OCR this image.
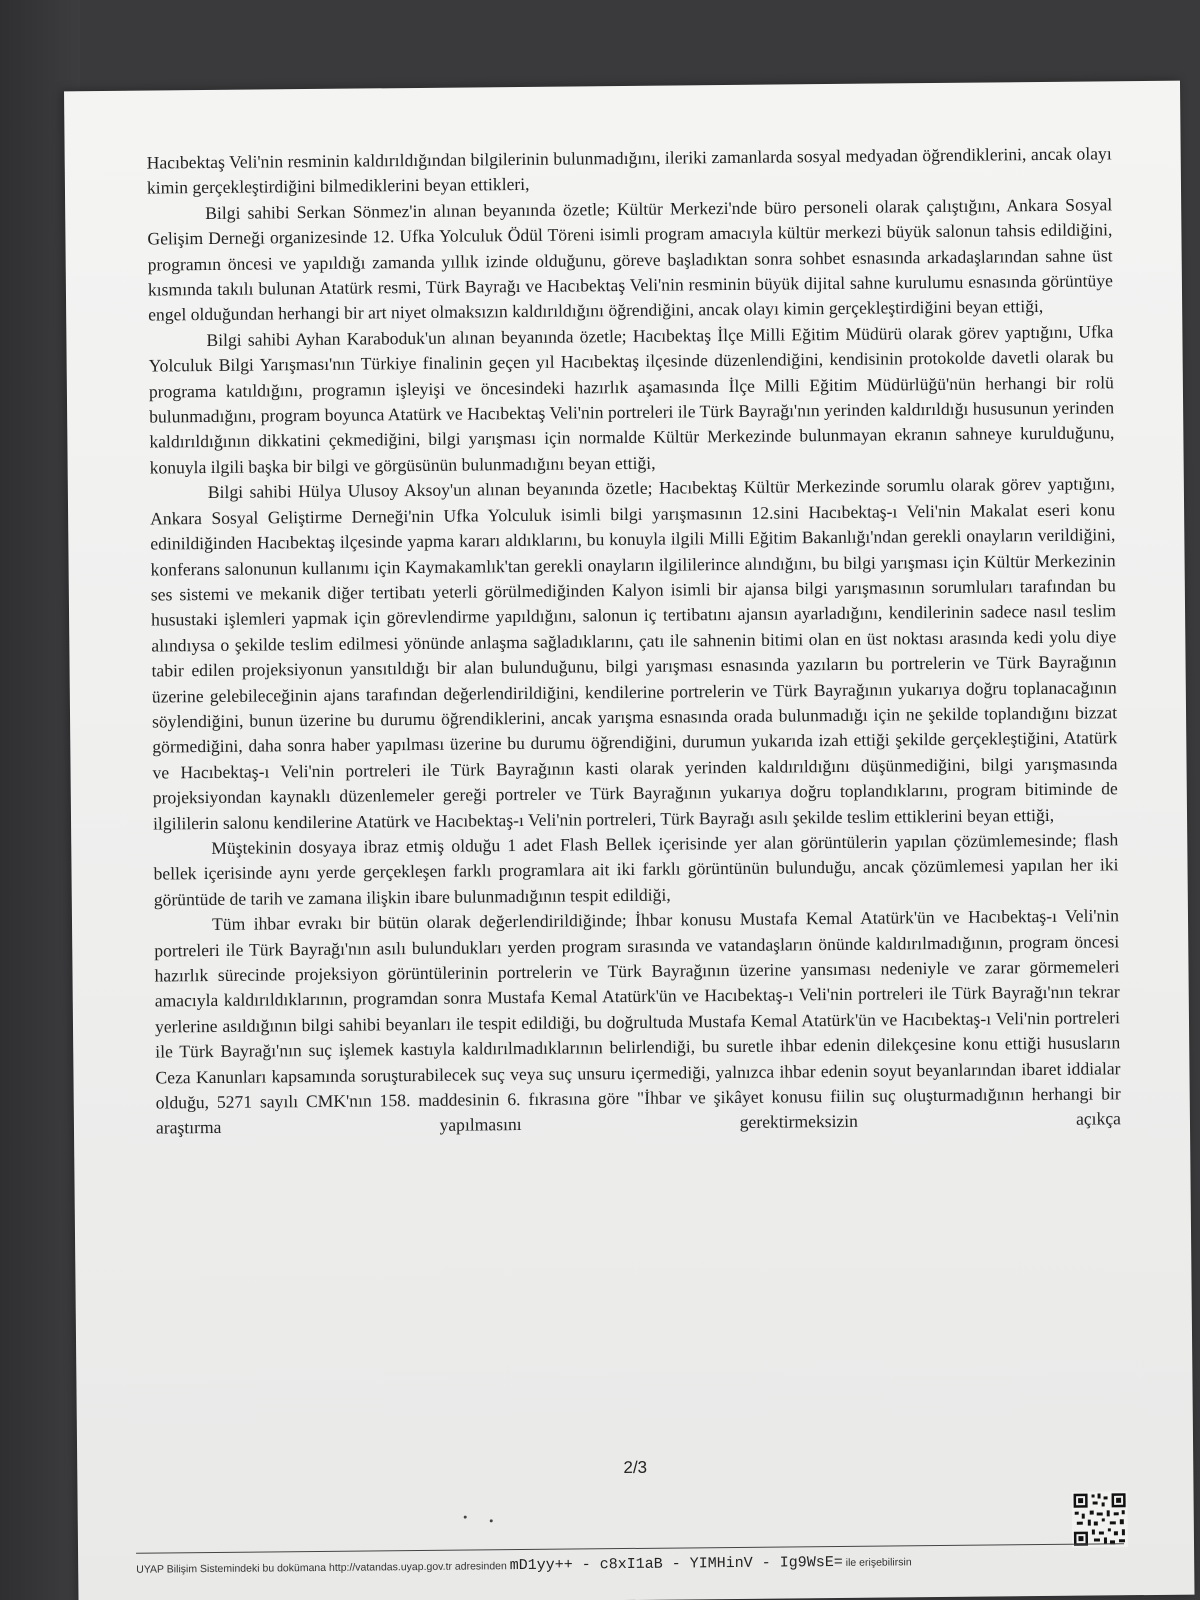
Hacıbektaş Veli'nin resminin kaldırıldığından bilgilerinin bulunmadığını, ileriki zamanlarda sosyal medyadan öğrendiklerini, ancak olayı kimin gerçekleştirdiğini bilmediklerini beyan ettikleri,

Bilgi sahibi Serkan Sönmez'in alınan beyanında özetle; Kültür Merkezi'nde büro personeli olarak çalıştığını, Ankara Sosyal Gelişim Derneği organizesinde 12. Ufka Yolculuk Ödül Töreni isimli program amacıyla kültür merkezi büyük salonun tahsis edildiğini, programın öncesi ve yapıldığı zamanda yıllık izinde olduğunu, göreve başladıktan sonra sohbet esnasında arkadaşlarından sahne üst kısmında takılı bulunan Atatürk resmi, Türk Bayrağı ve Hacıbektaş Veli'nin resminin büyük dijital sahne kurulumu esnasında görüntüye engel olduğundan herhangi bir art niyet olmaksızın kaldırıldığını öğrendiğini, ancak olayı kimin gerçekleştirdiğini beyan ettiği,

Bilgi sahibi Ayhan Karaboduk'un alınan beyanında özetle; Hacıbektaş İlçe Milli Eğitim Müdürü olarak görev yaptığını, Ufka Yolculuk Bilgi Yarışması'nın Türkiye finalinin geçen yıl Hacıbektaş ilçesinde düzenlendiğini, kendisinin protokolde davetli olarak bu programa katıldığını, programın işleyişi ve öncesindeki hazırlık aşamasında İlçe Milli Eğitim Müdürlüğü'nün herhangi bir rolü bulunmadığını, program boyunca Atatürk ve Hacıbektaş Veli'nin portreleri ile Türk Bayrağı'nın yerinden kaldırıldığı hususunun yerinden kaldırıldığının dikkatini çekmediğini, bilgi yarışması için normalde Kültür Merkezinde bulunmayan ekranın sahneye kurulduğunu, konuyla ilgili başka bir bilgi ve görgüsünün bulunmadığını beyan ettiği,

Bilgi sahibi Hülya Ulusoy Aksoy'un alınan beyanında özetle; Hacıbektaş Kültür Merkezinde sorumlu olarak görev yaptığını, Ankara Sosyal Geliştirme Derneği'nin Ufka Yolculuk isimli bilgi yarışmasının 12.sini Hacıbektaş-ı Veli'nin Makalat eseri konu edinildiğinden Hacıbektaş ilçesinde yapma kararı aldıklarını, bu konuyla ilgili Milli Eğitim Bakanlığı'ndan gerekli onayların verildiğini, konferans salonunun kullanımı için Kaymakamlık'tan gerekli onayların ilgililerince alındığını, bu bilgi yarışması için Kültür Merkezinin ses sistemi ve mekanik diğer tertibatı yeterli görülmediğinden Kalyon isimli bir ajansa bilgi yarışmasının sorumluları tarafından bu husustaki işlemleri yapmak için görevlendirme yapıldığını, salonun iç tertibatını ajansın ayarladığını, kendilerinin sadece nasıl teslim alındıysa o şekilde teslim edilmesi yönünde anlaşma sağladıklarını, çatı ile sahnenin bitimi olan en üst noktası arasında kedi yolu diye tabir edilen projeksiyonun yansıtıldığı bir alan bulunduğunu, bilgi yarışması esnasında yazıların bu portrelerin ve Türk Bayrağının üzerine gelebileceğinin ajans tarafından değerlendirildiğini, kendilerine portrelerin ve Türk Bayrağının yukarıya doğru toplanacağının söylendiğini, bunun üzerine bu durumu öğrendiklerini, ancak yarışma esnasında orada bulunmadığı için ne şekilde toplandığını bizzat görmediğini, daha sonra haber yapılması üzerine bu durumu öğrendiğini, durumun yukarıda izah ettiği şekilde gerçekleştiğini, Atatürk ve Hacıbektaş-ı Veli'nin portreleri ile Türk Bayrağının kasti olarak yerinden kaldırıldığını düşünmediğini, bilgi yarışmasında projeksiyondan kaynaklı düzenlemeler gereği portreler ve Türk Bayrağının yukarıya doğru toplandıklarını, program bitiminde de ilgililerin salonu kendilerine Atatürk ve Hacıbektaş-ı Veli'nin portreleri, Türk Bayrağı asılı şekilde teslim ettiklerini beyan ettiği,

Müştekinin dosyaya ibraz etmiş olduğu 1 adet Flash Bellek içerisinde yer alan görüntülerin yapılan çözümlemesinde; flash bellek içerisinde aynı yerde gerçekleşen farklı programlara ait iki farklı görüntünün bulunduğu, ancak çözümlemesi yapılan her iki görüntüde de tarih ve zamana ilişkin ibare bulunmadığının tespit edildiği,

Tüm ihbar evrakı bir bütün olarak değerlendirildiğinde; İhbar konusu Mustafa Kemal Atatürk'ün ve Hacıbektaş-ı Veli'nin portreleri ile Türk Bayrağı'nın asılı bulundukları yerden program sırasında ve vatandaşların önünde kaldırılmadığının, program öncesi hazırlık sürecinde projeksiyon görüntülerinin portrelerin ve Türk Bayrağının üzerine yansıması nedeniyle ve zarar görmemeleri amacıyla kaldırıldıklarının, programdan sonra Mustafa Kemal Atatürk'ün ve Hacıbektaş-ı Veli'nin portreleri ile Türk Bayrağı'nın tekrar yerlerine asıldığının bilgi sahibi beyanları ile tespit edildiği, bu doğrultuda Mustafa Kemal Atatürk'ün ve Hacıbektaş-ı Veli'nin portreleri ile Türk Bayrağı'nın suç işlemek kastıyla kaldırılmadıklarının belirlendiği, bu suretle ihbar edenin dilekçesine konu ettiği hususların Ceza Kanunları kapsamında soruşturabilecek suç veya suç unsuru içermediği, yalnızca ihbar edenin soyut beyanlarından ibaret iddialar olduğu, 5271 sayılı CMK'nın 158. maddesinin 6. fıkrasına göre "İhbar ve şikâyet konusu fiilin suç oluşturmadığının herhangi bir araştırma yapılmasını gerektirmeksizin açıkça

2/3
UYAP Bilişim Sistemindeki bu dokümana http://vatandas.uyap.gov.tr adresinden mD1yy++ - c8xI1aB - YIMHinV - Ig9WsE= ile erişebilirsin
